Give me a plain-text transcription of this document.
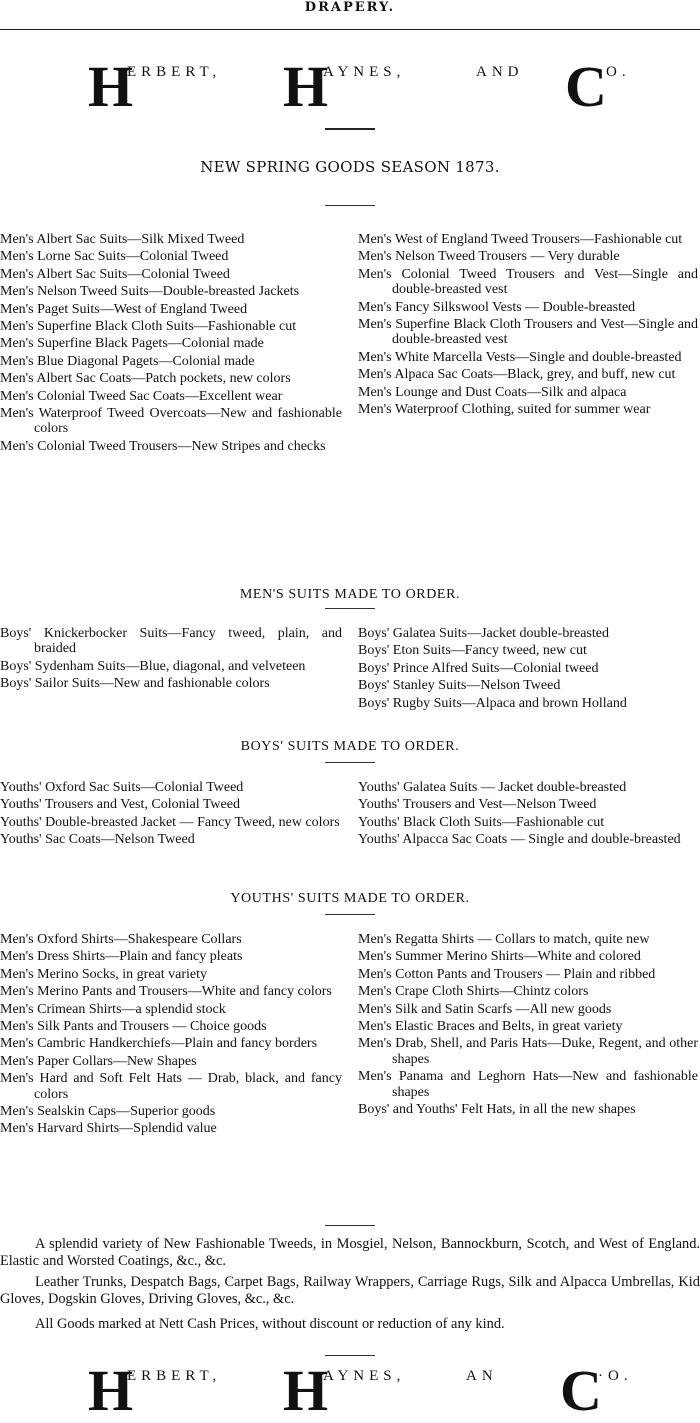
DRAPERY.
H
ERBERT, H
AYNES,	AND C O.
NEW SPRING GOODS SEASON 1873.
Men's Albert Sac Suits—Silk Mixed Tweed
Men's Lorne Sac Suits—Colonial Tweed
Men's Albert Sac Suits—Colonial Tweed
Men's Nelson Tweed Suits—Double-breasted Jackets
Men's Paget Suits—West of England Tweed
Men's Superfine Black Cloth Suits—Fashionable cut
Men's Superfine Black Pagets—Colonial made
Men's Blue Diagonal Pagets—Colonial made
Men's Albert Sac Coats—Patch pockets, new colors
Men's Colonial Tweed Sac Coats—Excellent wear
Men's Waterproof Tweed Overcoats—New and fashionable colors
Men's Colonial Tweed Trousers—New Stripes and checks
Men's West of England Tweed Trousers—Fashionable cut
Men's Nelson Tweed Trousers — Very durable
Men's Colonial Tweed Trousers and Vest—Single and double-breasted vest
Men's Fancy Silkswool Vests — Double-breasted
Men's Superfine Black Cloth Trousers and Vest—Single and double-breasted vest
Men's White Marcella Vests—Single and double-breasted
Men's Alpaca Sac Coats—Black, grey, and buff, new cut
Men's Lounge and Dust Coats—Silk and alpaca
Men's Waterproof Clothing, suited for summer wear
MEN'S SUITS MADE TO ORDER.
Boys' Knickerbocker Suits—Fancy tweed, plain, and braided
Boys' Sydenham Suits—Blue, diagonal, and velveteen
Boys' Sailor Suits—New and fashionable colors
Boys' Galatea Suits—Jacket double-breasted
Boys' Eton Suits—Fancy tweed, new cut
Boys' Prince Alfred Suits—Colonial tweed
Boys' Stanley Suits—Nelson Tweed
Boys' Rugby Suits—Alpaca and brown Holland
BOYS' SUITS MADE TO ORDER.
Youths' Oxford Sac Suits—Colonial Tweed
Youths' Trousers and Vest, Colonial Tweed
Youths' Double-breasted Jacket — Fancy Tweed, new colors
Youths' Sac Coats—Nelson Tweed
Youths' Galatea Suits — Jacket double-breasted
Youths' Trousers and Vest—Nelson Tweed
Youths' Black Cloth Suits—Fashionable cut
Youths' Alpacca Sac Coats — Single and double-breasted
YOUTHS' SUITS MADE TO ORDER.
Men's Oxford Shirts—Shakespeare Collars
Men's Dress Shirts—Plain and fancy pleats
Men's Merino Socks, in great variety
Men's Merino Pants and Trousers—White and fancy colors
Men's Crimean Shirts—a splendid stock
Men's Silk Pants and Trousers — Choice goods
Men's Cambric Handkerchiefs—Plain and fancy borders
Men's Paper Collars—New Shapes
Men's Hard and Soft Felt Hats — Drab, black, and fancy colors
Men's Sealskin Caps—Superior goods
Men's Harvard Shirts—Splendid value
Men's Regatta Shirts — Collars to match, quite new
Men's Summer Merino Shirts—White and colored
Men's Cotton Pants and Trousers — Plain and ribbed
Men's Crape Cloth Shirts—Chintz colors
Men's Silk and Satin Scarfs —All new goods
Men's Elastic Braces and Belts, in great variety
Men's Drab, Shell, and Paris Hats—Duke, Regent, and other shapes
Men's Panama and Leghorn Hats—New and fashionable shapes
Boys' and Youths' Felt Hats, in all the new shapes

A splendid variety of New Fashionable Tweeds, in Mosgiel, Nelson, Bannockburn, Scotch, and West of England. Elastic and Worsted Coatings, &c., &c.

Leather Trunks, Despatch Bags, Carpet Bags, Railway Wrappers, Carriage Rugs, Silk and Alpacca Umbrellas, Kid Gloves, Dogskin Gloves, Driving Gloves, &c., &c.

All Goods marked at Nett Cash Prices, without discount or reduction of any kind.

H
ERBERT, H
AYNES,	AN C
·O.
